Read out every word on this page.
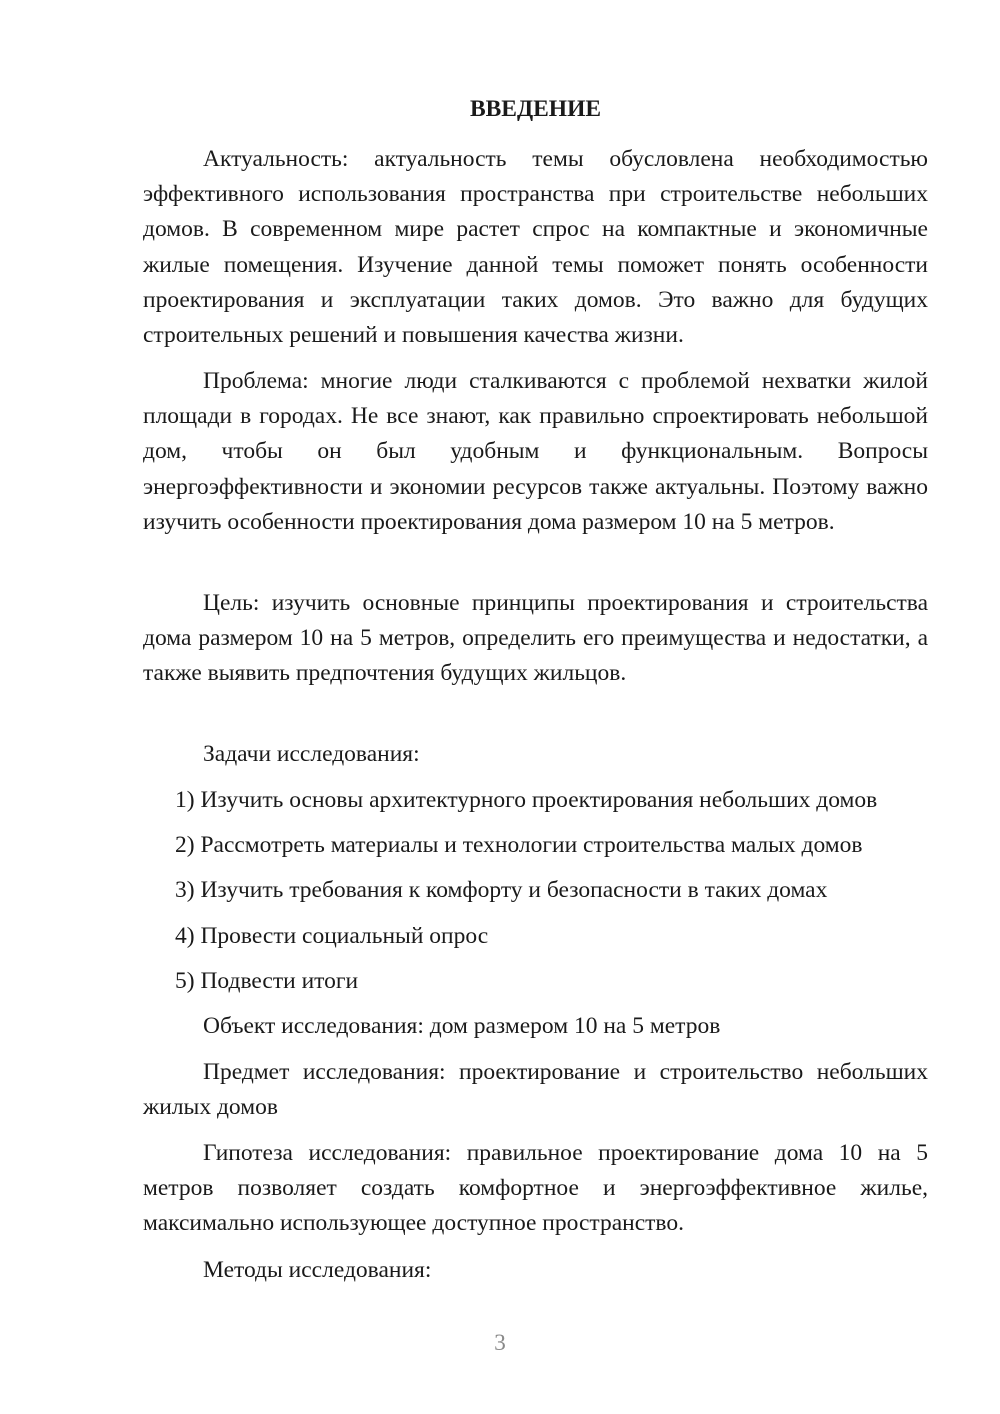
ВВЕДЕНИЕ

Актуальность: актуальность темы обусловлена необходимостью эффективного использования пространства при строительстве небольших домов. В современном мире растет спрос на компактные и экономичные жилые помещения. Изучение данной темы поможет понять особенности проектирования и эксплуатации таких домов. Это важно для будущих строительных решений и повышения качества жизни.

Проблема: многие люди сталкиваются с проблемой нехватки жилой площади в городах. Не все знают, как правильно спроектировать небольшой дом, чтобы он был удобным и функциональным. Вопросы энергоэффективности и экономии ресурсов также актуальны. Поэтому важно изучить особенности проектирования дома размером 10 на 5 метров.

Цель: изучить основные принципы проектирования и строительства дома размером 10 на 5 метров, определить его преимущества и недостатки, а также выявить предпочтения будущих жильцов.

Задачи исследования:

1) Изучить основы архитектурного проектирования небольших домов

2) Рассмотреть материалы и технологии строительства малых домов

3) Изучить требования к комфорту и безопасности в таких домах

4) Провести социальный опрос

5) Подвести итоги

Объект исследования: дом размером 10 на 5 метров

Предмет исследования: проектирование и строительство небольших жилых домов

Гипотеза исследования: правильное проектирование дома 10 на 5 метров позволяет создать комфортное и энергоэффективное жилье, максимально использующее доступное пространство.

Методы исследования:

3
